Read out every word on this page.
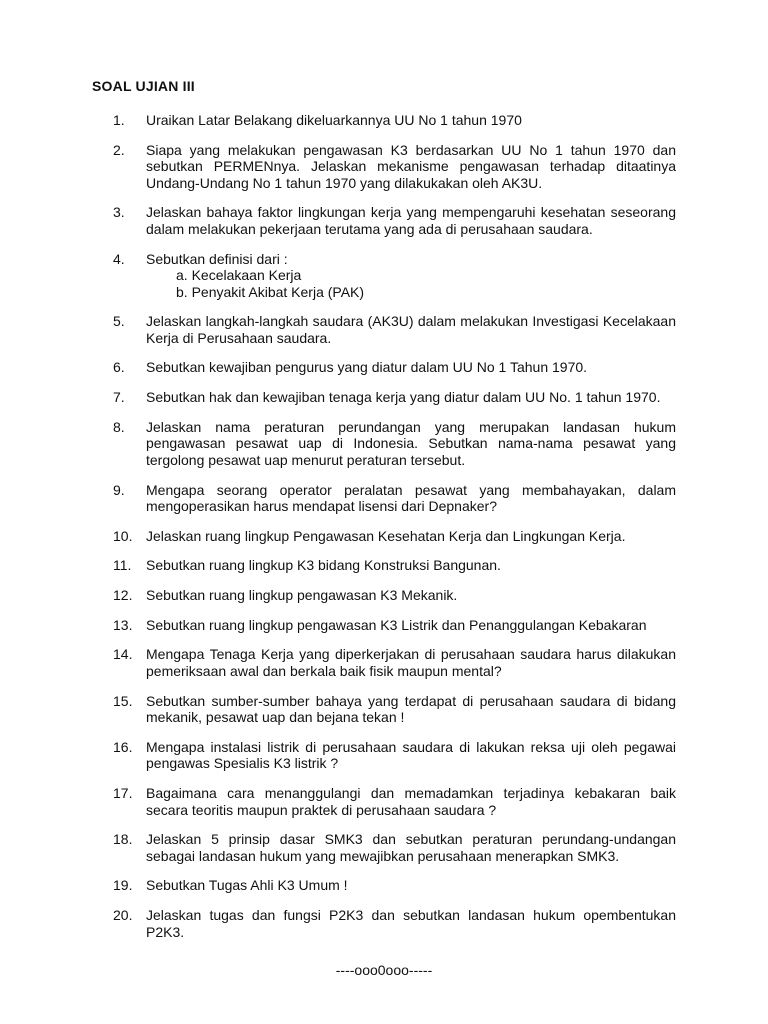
SOAL UJIAN III
1.	Uraikan Latar Belakang dikeluarkannya UU No 1 tahun 1970
2.	Siapa yang melakukan pengawasan K3 berdasarkan UU No 1 tahun 1970 dan sebutkan PERMENnya. Jelaskan mekanisme pengawasan terhadap ditaatinya Undang-Undang No 1 tahun 1970 yang dilakukakan oleh AK3U.
3.	Jelaskan bahaya faktor lingkungan kerja yang mempengaruhi kesehatan seseorang dalam melakukan pekerjaan terutama yang ada di perusahaan saudara.
4.	Sebutkan definisi dari :
a. Kecelakaan Kerja
b. Penyakit Akibat Kerja (PAK)
5.	Jelaskan langkah-langkah saudara (AK3U) dalam melakukan Investigasi Kecelakaan Kerja di Perusahaan saudara.
6.	Sebutkan kewajiban pengurus yang diatur dalam UU No 1 Tahun 1970.
7.	Sebutkan hak dan kewajiban tenaga kerja yang diatur dalam UU No. 1 tahun 1970.
8.	Jelaskan nama peraturan perundangan yang merupakan landasan hukum pengawasan pesawat uap di Indonesia. Sebutkan nama-nama pesawat yang tergolong pesawat uap menurut peraturan tersebut.
9.	Mengapa seorang operator peralatan pesawat yang membahayakan, dalam mengoperasikan harus mendapat lisensi dari Depnaker?
10. Jelaskan ruang lingkup Pengawasan Kesehatan Kerja dan Lingkungan Kerja.
11.	Sebutkan ruang lingkup K3 bidang Konstruksi Bangunan.
12. Sebutkan ruang lingkup pengawasan K3 Mekanik.
13. Sebutkan ruang lingkup pengawasan K3 Listrik dan Penanggulangan Kebakaran
14. Mengapa Tenaga Kerja yang diperkerjakan di perusahaan saudara harus dilakukan pemeriksaan awal dan berkala baik fisik maupun mental?
15. Sebutkan sumber-sumber bahaya yang terdapat di perusahaan saudara di bidang mekanik, pesawat uap dan bejana tekan !
16. Mengapa instalasi listrik di perusahaan saudara di lakukan reksa uji oleh pegawai pengawas Spesialis K3 listrik ?
17. Bagaimana cara menanggulangi dan memadamkan terjadinya kebakaran baik secara teoritis maupun praktek di perusahaan saudara ?
18. Jelaskan 5 prinsip dasar SMK3 dan sebutkan peraturan perundang-undangan sebagai landasan hukum yang mewajibkan perusahaan menerapkan SMK3.
19. Sebutkan Tugas Ahli K3 Umum !
20. Jelaskan tugas dan fungsi P2K3 dan sebutkan landasan hukum opembentukan P2K3.
----ooo0ooo-----
